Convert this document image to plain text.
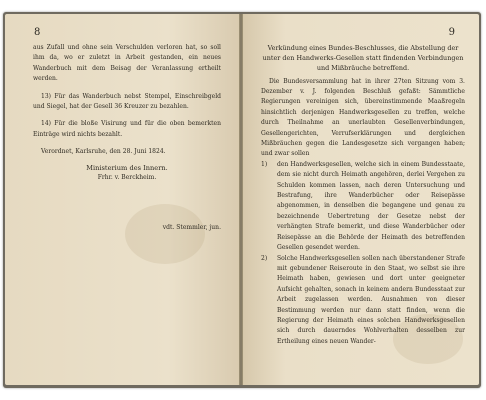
8

aus Zufall und ohne sein Verschulden verloren hat, so soll ihm da, wo er zuletzt in Arbeit gestanden, ein neues Wanderbuch mit dem Beisag der Veranlassung ertheilt werden.

13) Für das Wanderbuch nebst Stempel, Einschreibgeld und Siegel, hat der Gesell 36 Kreuzer zu bezahlen.

14) Für die bloße Visirung und für die oben bemerkten Einträge wird nichts bezahlt.

Verordnet, Karlsruhe, den 28. Juni 1824.

Ministerium des Innern.

Frhr. v. Berckheim.

vdt. Stemmler, jun.

9

Verkündung eines Bundes-Beschlusses, die Abstellung der unter den Handwerks-Gesellen statt findenden Verbindungen und Mißbräuche betreffend.

Die Bundesversammlung hat in ihrer 27ten Sitzung vom 3. Dezember v. J. folgenden Beschluß gefaßt: Sämmtliche Regierungen vereinigen sich, übereinstimmende Maaßregeln hinsichtlich derjenigen Handwerksgesellen zu treffen, welche durch Theilnahme an unerlaubten Gesellenverbindungen, Gesellengerichten, Verrufserklärungen und dergleichen Mißbräuchen gegen die Landesgesetze sich vergangen haben; und zwar sollen

1)	den Handwerksgesellen, welche sich in einem Bundesstaate, dem sie nicht durch Heimath angehören, derlei Vergehen zu Schulden kommen lassen, nach deren Untersuchung und Bestrafung, ihre Wanderbücher oder Reisepässe abgenommen, in denselben die begangene und genau zu bezeichnende Uebertretung der Gesetze nebst der verhängten Strafe bemerkt, und diese Wanderbücher oder Reisepässe an die Behörde der Heimath des betreffenden Gesellen gesendet werden.
2)	Solche Handwerksgesellen sollen nach überstandener Strafe mit gebundener Reiseroute in den Staat, wo selbst sie ihre Heimath haben, gewiesen und dort unter geeigneter Aufsicht gehalten, sonach in keinem andern Bundesstaat zur Arbeit zugelassen werden. Ausnahmen von dieser Bestimmung werden nur dann statt finden, wenn die Regierung der Heimath eines solchen Handwerksgesellen sich durch dauerndes Wohlverhalten desselben zur Ertheilung eines neuen Wander-
